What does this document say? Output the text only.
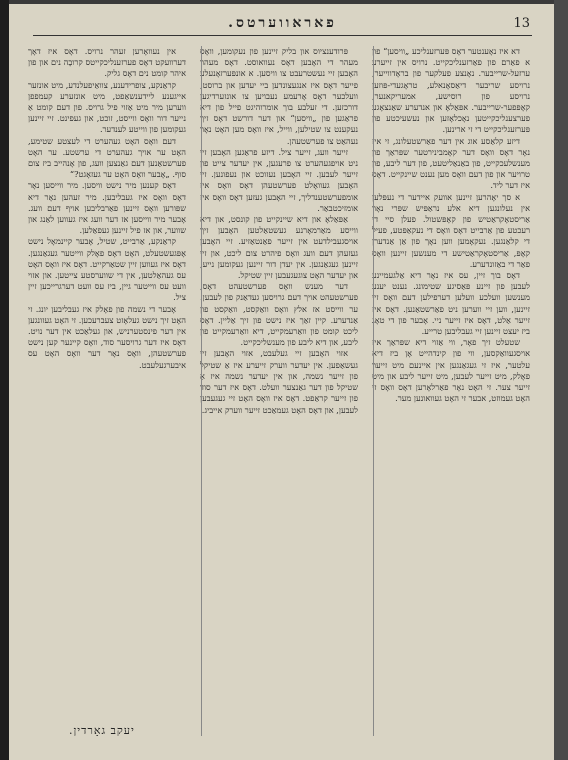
13
פאראווערטס.

דא איז נאָענטער דאָס פּערזענליכע „וויסען“ פון א פאַרם פון פאַרזענליכקייט. נרויס אין זייערע ערזעל-שרייבער. נאָנצע פעלקער פון בראָדווייער, נרויסע שריבער דיאַסאָנאלע, טראָגעדי-פּוזען נרויסע פון רוסישע, אמעריקאנער, קאָפּפער-שרייבער. אפּאַלאָ און אנדערע שאַנצאָגע פערצענליכקייטען נאָכלאָזען און נעשעיכטע פון פּערזענליכקייט די זי ארינען.

דיזע קלאַסע אוג אין דער פאַרשטעלונג, זי איז נאָר דאָס וואָס דער קאָמבינירטער שפּראַך פון מענשלעכקייט, פון באַנאַליטעט, פון דער ליבע, פון טרויער און פון דעם וואָס מען נענט שיינקייט. דאָס איז דער ליד.

א סך יאָהרען זיינען אוועק איידער די נעפּלען אין נעלונגען דיא אלע נראַפּיש שפּרי נאָר אַריסטאָקראַטיש פון קאָפּשטול. פעלן סיי די רעכטע פון אַרבייט דאָס וואָס די נעקאַפּטע, פעיל די קלאַנגען. נעקאָמען ווען נאָך פון אַן אַנדערן קאָפּ, אַריסטאָקראַטישע די מענשען זיינען וואָס פאַר די באַזונדערע.

דאָס בוך זיין, עס איז נאָר דיא אַלגעמיינע לעבען פון זיינע פּאַסיגע שטימונג. נענט יענע מענשען וועלכע וועלען דערפילען דעם וואָס זיי זיינען, ווען זיי ווערען ניט פאַרשטאַנען. דאָס איז זייער אַלט, דאָס איז זייער ניי. אָבער פון די טאָג ביז יעצט זיינען זיי געבליבען טרייע.

שטעלט זיך פאָר, ווי אַזוי דיא שפּראַך איז אויסגעוואַקסען, ווי פון קינדהייט אָן ביז דיא עלטער, איז זי געגאַנגען אין איינעם מיט זייער פאָלק, מיט זייער לעבען, מיט זייער ליבע און מיט זייער צער. זי האָט נאָר פאַרלאָרען דאָס וואָס זי האָט געמוזט, אבער זי האָט געוואונען מער.

פּרודענציוס און בליק זיינען פון נעקומען, וואָס מעהר די האָבען דאָס נעוואוסט. דאָס מעהר האָבען זיי נעשטרעבט צו וויסען. א אונפּערזאָנעלע פייער דאָס איז אנגעצונדען ביי יעדען און ברוסט, וועלכער דאָס אָרעמע נעבויען צו אונזערדיגען דורכזען. די זעלבע בוך אומרוהיגט פייל פון דיא פראַגען פון „וויסען“ און דער דורשט דאָס זיך נעקענט צו שטילען, ווייל, איז וואָס מען האָט נאָר נעהאַט צו פערשטעהן.

זייער וועג, זייער ציל. דיזע פראַגען האָבען זיי ניט אויפגעהערט צו פרעגען, אין יעדער צייט פון זייער לעבען. זיי האָבען נעזוכט און נעפונען. זיי האָבען געוואָלט פערשטעהן דאָס וואָס איז אומפערשטענדליך, זיי האָבען געזען דאָס וואָס איז אומזיכטבאַר.

אַפּאַלאָ און דיא שיינקייט פון קונסט, און דיא ווייסע מאַרמאָרנע געשטאַלטען האָבען זיך אויסגעבילדעט אין זייער פאַנטאַזיע. זיי האָבען געזעהן דעם וועג וואָס פיהרט צום ליכט, און זיי זיינען געגאַנגען. אין יעדן דור זיינען געקומען נייע, און יעדער האָט צוגעגעבען זיין שטיקל.

דער מענש וואָס פערשטעהט דאָס, פערשטעהט אויך דעם גרויסען געדאַנק פון לעבען. ער ווייסט אז אלץ וואָס וואַקסט, וואַקסט פון אַנדערע. קיין זאַך איז נישט פון זיך אַליין. דאָס ליכט קומט פון וואַרעמקייט, דיא וואַרעמקייט פון ליבע, און דיא ליבע פון מענשליכקייט.

אזוי האָבען זיי געלעבט, אזוי האָבען זיי געשאַפען. אין יעדער ווערק זייערע איז אַ שטיקל פון זייער נשמה, און אין יעדער נשמה איז אַ שטיקל פון דער גאַנצער וועלט. דאָס איז דער סוד פון זייער קראַפט. דאָס איז וואָס האָט זיי געגעבען לעבען, און דאָס האָט געמאַכט זייער ווערק אייביג.

אין נעוואָרען זעהר נרויס. דאָס איז דאָך דערוועקט דאָס פערזענליכקייטס קרובָה נים און פון איהר קומט נים דאָס גליק.

קראַנקע, צופרידענע, צוואַיפעלנדע, מיט אונזער אייגענע ליידענשאַפט, מיט אונזערע קעמפפן ווערען מיר מיט אַזוי פיל גרויס. פון דעם קומט אַ נייער דור וואָס ווייסט, זוכט, און געפינט. זיי זיינען געקומען פון ווייטע לענדער.

דעם וואָס האָט געהערט די לעצטע שטימע, האָט ער אויך געהערט די ערשטע. ער האָט פערשטאַנען דעם גאַנצען וועג, פון אָנהייב ביז צום סוף. „אָבער וואָס האָט ער געזאָגט?“

דאָס קענען מיר נישט וויסען. מיר ווייסען נאָר דאָס וואָס איז געבליבען. מיר זעהען נאָר דיא שפּורען וואָס זיינען פאַרבליבען אויף דעם וועג. אָבער מיר ווייסען אז דער וועג איז געווען לאַנג און שווער, און אז פיל זיינען געפאַלען.

קראַנקע, אַרבייט, שטיל, אָבער קיינמאָל נישט אָפּגעשטעלט, האָט דאָס פאָלק ווייטער געגאַנגען. דאָס איז געווען זיין שטאַרקייט. דאָס איז וואָס האָט עס געהאַלטען, אין די שווערסטע צייטען. און אזוי וועט עס ווייטער גיין, ביז עס וועט דערגרייכען זיין ציל.

אָבער די נשמה פון פאָלק איז געבליבען יונג. זי האָט זיך נישט געלאָזט צעברעכען. זי האָט געזונגען אין דער פינסטערניש, און געלאַכט אין דער נויט. דאָס איז דער גרויסער סוד, וואָס קיינער קען נישט פערשטעהן, וואָס נאָר דער וואָס האָט עס איבערגעלעבט.

יעקב גאָרדין.
